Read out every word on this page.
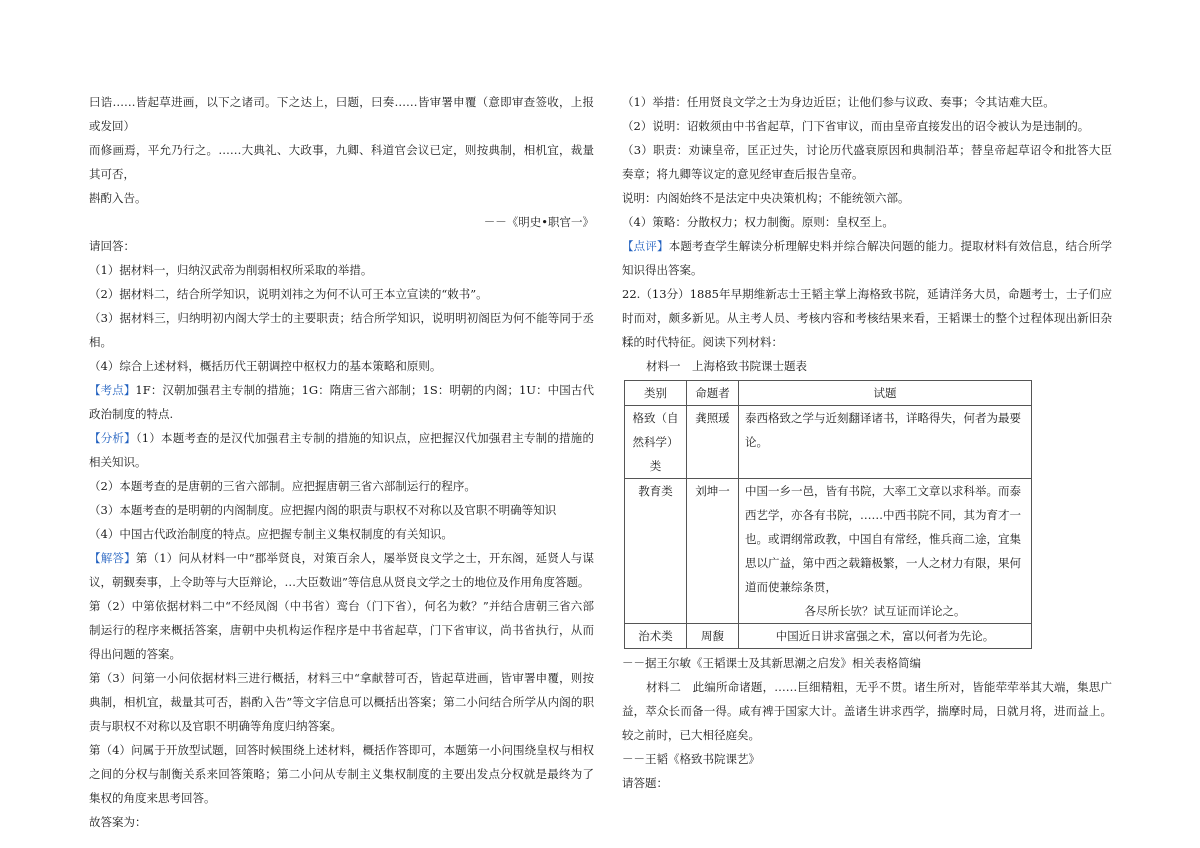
曰诰……皆起草进画，以下之诸司。下之达上，曰题，曰奏……皆审署申覆（意即审查签收，上报或发回）

而修画焉，平允乃行之。……大典礼、大政事，九卿、科道官会议已定，则按典制，相机宜，裁量其可否，

斟酌入告。

－－《明史•职官一》

请回答：

（1）据材料一，归纳汉武帝为削弱相权所采取的举措。

（2）据材料二，结合所学知识，说明刘祎之为何不认可王本立宣读的“敕书”。

（3）据材料三，归纳明初内阁大学士的主要职责；结合所学知识，说明明初阁臣为何不能等同于丞相。

（4）综合上述材料，概括历代王朝调控中枢权力的基本策略和原则。

【考点】1F：汉朝加强君主专制的措施；1G：隋唐三省六部制；1S：明朝的内阁；1U：中国古代政治制度的特点.

【分析】（1）本题考查的是汉代加强君主专制的措施的知识点，应把握汉代加强君主专制的措施的相关知识。

（2）本题考查的是唐朝的三省六部制。应把握唐朝三省六部制运行的程序。

（3）本题考查的是明朝的内阁制度。应把握内阁的职责与职权不对称以及官职不明确等知识

（4）中国古代政治制度的特点。应把握专制主义集权制度的有关知识。

【解答】第（1）问从材料一中“郡举贤良，对策百余人，屡举贤良文学之士，开东阁，延贤人与谋议，朝觐奏事，上令助等与大臣辩论，…大臣数诎”等信息从贤良文学之士的地位及作用角度答题。

第（2）中第依据材料二中“不经凤阁（中书省）鸾台（门下省），何名为敕？”并结合唐朝三省六部制运行的程序来概括答案，唐朝中央机构运作程序是中书省起草，门下省审议，尚书省执行，从而得出问题的答案。

第（3）问第一小问依据材料三进行概括，材料三中“拿献替可否，皆起草进画，皆审署申覆，则按典制，相机宜，裁量其可否，斟酌入告”等文字信息可以概括出答案；第二小问结合所学从内阁的职责与职权不对称以及官职不明确等角度归纳答案。

第（4）问属于开放型试题，回答时候围绕上述材料，概括作答即可，本题第一小问围绕皇权与相权之间的分权与制衡关系来回答策略；第二小问从专制主义集权制度的主要出发点分权就是最终为了集权的角度来思考回答。

故答案为：

（1）举措：任用贤良文学之士为身边近臣；让他们参与议政、奏事；令其诘难大臣。

（2）说明：诏敕须由中书省起草，门下省审议，而由皇帝直接发出的诏令被认为是违制的。

（3）职责：劝谏皇帝，匡正过失，讨论历代盛衰原因和典制沿革；替皇帝起草诏令和批答大臣奏章；将九卿等议定的意见经审查后报告皇帝。

说明：内阁始终不是法定中央决策机构；不能统领六部。

（4）策略：分散权力；权力制衡。原则：皇权至上。

【点评】本题考查学生解读分析理解史料并综合解决问题的能力。提取材料有效信息，结合所学知识得出答案。

22.（13分）1885年早期维新志士王韬主掌上海格致书院，延请洋务大员，命题考士，士子们应时而对，颇多新见。从主考人员、考核内容和考核结果来看，王韬课士的整个过程体现出新旧杂糅的时代特征。阅读下列材料：

材料一　上海格致书院课士题表

类别	命题者	试题
格致（自然科学）类	龚照瑗	泰西格致之学与近刻翻译诸书，详略得失，何者为最要论。
教育类	刘坤一	中国一乡一邑，皆有书院，大率工文章以求科举。而泰西艺学，亦各有书院，……中西书院不同，其为育才一也。或谓纲常政教，中国自有常经，惟兵商二途，宜集思以广益，第中西之载籍极繁，一人之材力有限，果何道而使兼综条贯，
各尽所长欤？试互证而详论之。

治术类	周馥	中国近日讲求富强之术，富以何者为先论。

－－据王尔敏《王韬课士及其新思潮之启发》相关表格简编

材料二　此编所命诸题，……巨细精粗，无乎不贯。诸生所对，皆能荦荦举其大端，集思广益，萃众长而备一得。咸有裨于国家大计。盖诸生讲求西学，揣摩时局，日就月将，进而益上。较之前时，已大相径庭矣。

－－王韬《格致书院课艺》

请答题：
